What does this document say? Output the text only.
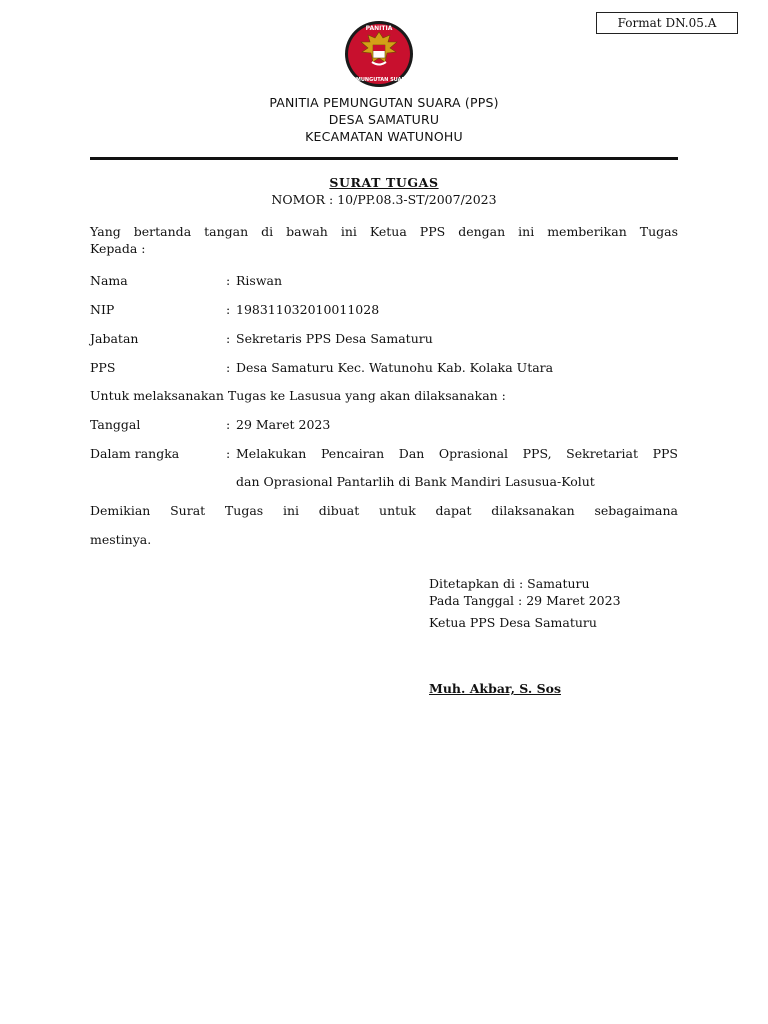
Format DN.05.A
PANITIA
PEMUNGUTAN SUARA
PANITIA PEMUNGUTAN SUARA (PPS)
DESA SAMATURU
KECAMATAN WATUNOHU
SURAT TUGAS
NOMOR : 10/PP.08.3-ST/2007/2023
Yang bertanda tangan di bawah ini Ketua PPS dengan ini memberikan Tugas
Kepada :
Nama	: Riswan
NIP	: 198311032010011028
Jabatan	: Sekretaris PPS Desa Samaturu
PPS	: Desa Samaturu Kec. Watunohu Kab. Kolaka Utara
Untuk melaksanakan Tugas ke Lasusua yang akan dilaksanakan :
Tanggal	: 29 Maret 2023
Dalam rangka	: Melakukan Pencairan Dan Oprasional PPS, Sekretariat PPS
dan Oprasional Pantarlih di Bank Mandiri Lasusua-Kolut
Demikian Surat Tugas ini dibuat untuk dapat dilaksanakan sebagaimana
mestinya.
Ditetapkan di : Samaturu
Pada Tanggal : 29 Maret 2023
Ketua PPS Desa Samaturu
Muh. Akbar, S. Sos
